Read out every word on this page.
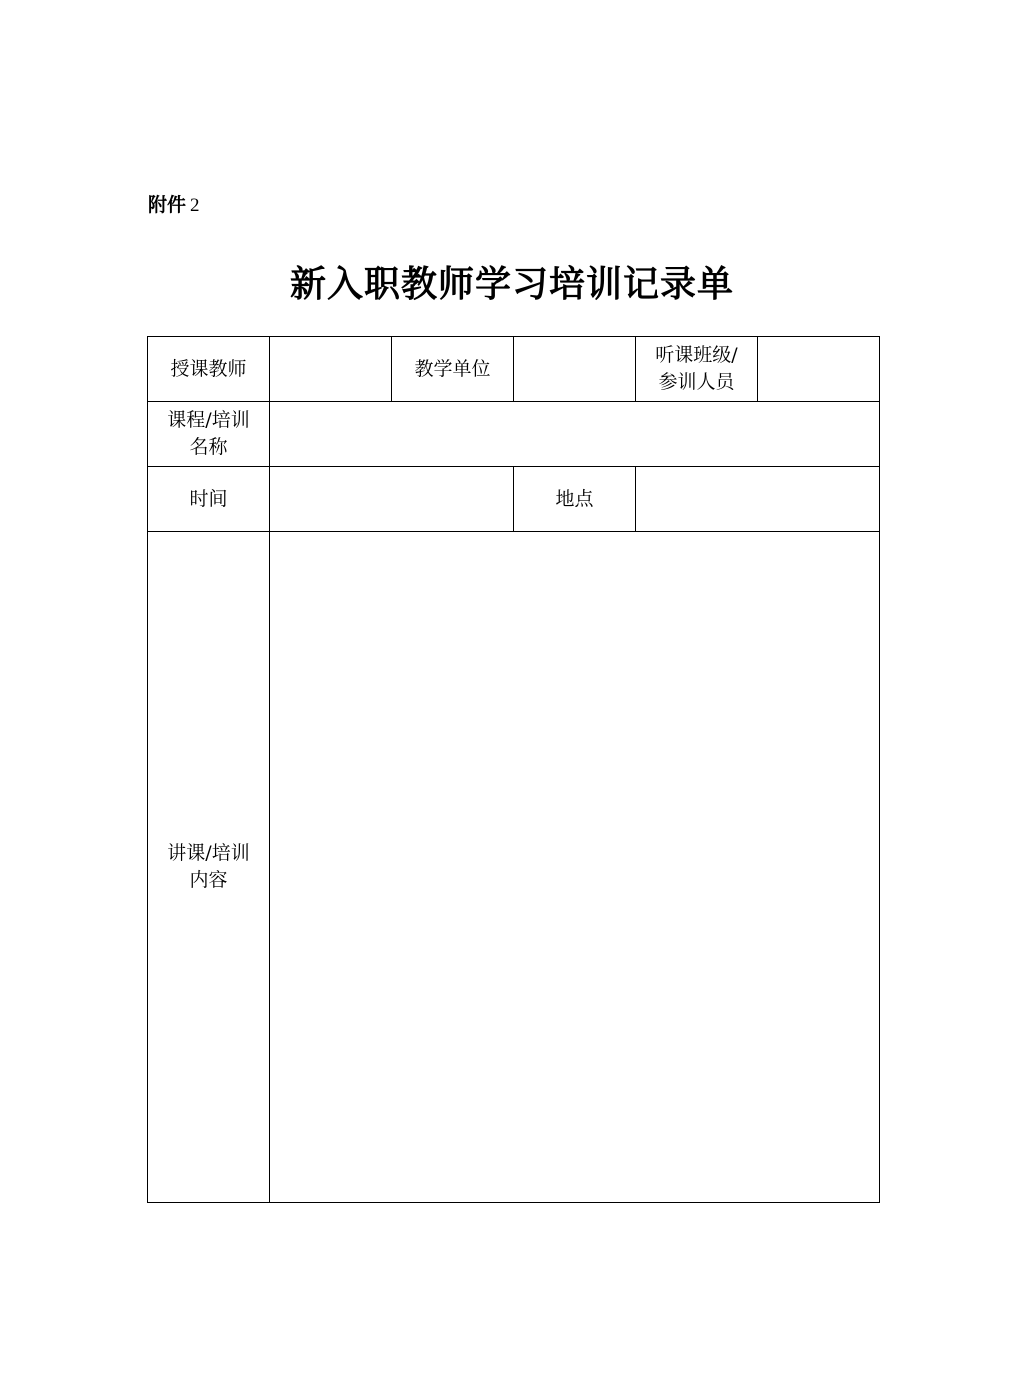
附件 2
新入职教师学习培训记录单
授课教师		教学单位		听课班级/
参训人员	

课程/培训
名称					

时间			地点		

讲课/培训
内容					
